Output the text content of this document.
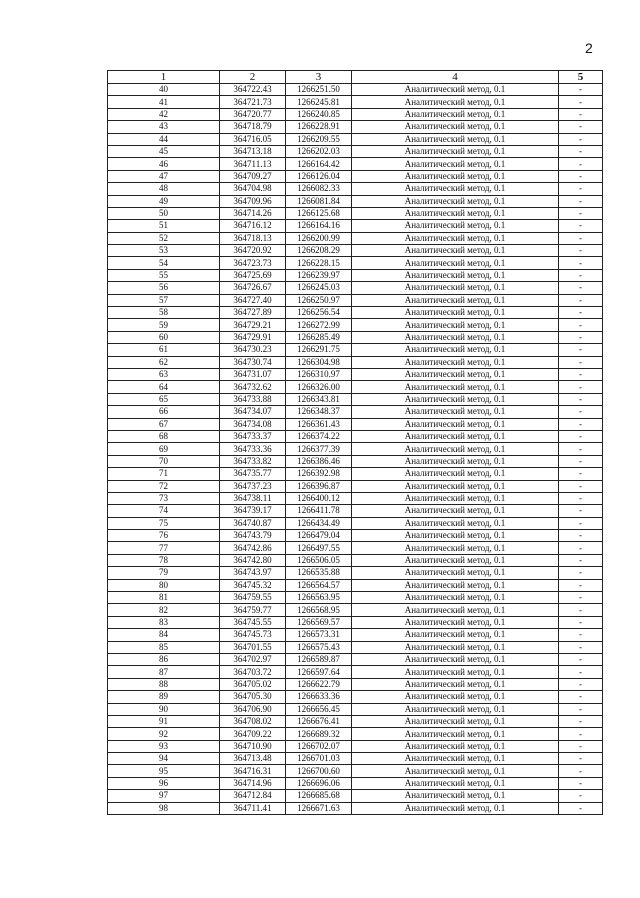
2
1	2	3	4	5
40	364722.43	1266251.50	Аналитический метод, 0.1	-
41	364721.73	1266245.81	Аналитический метод, 0.1	-
42	364720.77	1266240.85	Аналитический метод, 0.1	-
43	364718.79	1266228.91	Аналитический метод, 0.1	-
44	364716.05	1266209.55	Аналитический метод, 0.1	-
45	364713.18	1266202.03	Аналитический метод, 0.1	-
46	364711.13	1266164.42	Аналитический метод, 0.1	-
47	364709.27	1266126.04	Аналитический метод, 0.1	-
48	364704.98	1266082.33	Аналитический метод, 0.1	-
49	364709.96	1266081.84	Аналитический метод, 0.1	-
50	364714.26	1266125.68	Аналитический метод, 0.1	-
51	364716.12	1266164.16	Аналитический метод, 0.1	-
52	364718.13	1266200.99	Аналитический метод, 0.1	-
53	364720.92	1266208.29	Аналитический метод, 0.1	-
54	364723.73	1266228.15	Аналитический метод, 0.1	-
55	364725.69	1266239.97	Аналитический метод, 0.1	-
56	364726.67	1266245.03	Аналитический метод, 0.1	-
57	364727.40	1266250.97	Аналитический метод, 0.1	-
58	364727.89	1266256.54	Аналитический метод, 0.1	-
59	364729.21	1266272.99	Аналитический метод, 0.1	-
60	364729.91	1266285.49	Аналитический метод, 0.1	-
61	364730.23	1266291.75	Аналитический метод, 0.1	-
62	364730.74	1266304.98	Аналитический метод, 0.1	-
63	364731.07	1266310.97	Аналитический метод, 0.1	-
64	364732.62	1266326.00	Аналитический метод, 0.1	-
65	364733.88	1266343.81	Аналитический метод, 0.1	-
66	364734.07	1266348.37	Аналитический метод, 0.1	-
67	364734.08	1266361.43	Аналитический метод, 0.1	-
68	364733.37	1266374.22	Аналитический метод, 0.1	-
69	364733.36	1266377.39	Аналитический метод, 0.1	-
70	364733.82	1266386.46	Аналитический метод, 0.1	-
71	364735.77	1266392.98	Аналитический метод, 0.1	-
72	364737.23	1266396.87	Аналитический метод, 0.1	-
73	364738.11	1266400.12	Аналитический метод, 0.1	-
74	364739.17	1266411.78	Аналитический метод, 0.1	-
75	364740.87	1266434.49	Аналитический метод, 0.1	-
76	364743.79	1266479.04	Аналитический метод, 0.1	-
77	364742.86	1266497.55	Аналитический метод, 0.1	-
78	364742.80	1266506.05	Аналитический метод, 0.1	-
79	364743.97	1266535.88	Аналитический метод, 0.1	-
80	364745.32	1266564.57	Аналитический метод, 0.1	-
81	364759.55	1266563.95	Аналитический метод, 0.1	-
82	364759.77	1266568.95	Аналитический метод, 0.1	-
83	364745.55	1266569.57	Аналитический метод, 0.1	-
84	364745.73	1266573.31	Аналитический метод, 0.1	-
85	364701.55	1266575.43	Аналитический метод, 0.1	-
86	364702.97	1266589.87	Аналитический метод, 0.1	-
87	364703.72	1266597.64	Аналитический метод, 0.1	-
88	364705.02	1266622.79	Аналитический метод, 0.1	-
89	364705.30	1266633.36	Аналитический метод, 0.1	-
90	364706.90	1266656.45	Аналитический метод, 0.1	-
91	364708.02	1266676.41	Аналитический метод, 0.1	-
92	364709.22	1266689.32	Аналитический метод, 0.1	-
93	364710.90	1266702.07	Аналитический метод, 0.1	-
94	364713.48	1266701.03	Аналитический метод, 0.1	-
95	364716.31	1266700.60	Аналитический метод, 0.1	-
96	364714.96	1266696.06	Аналитический метод, 0.1	-
97	364712.84	1266685.68	Аналитический метод, 0.1	-
98	364711.41	1266671.63	Аналитический метод, 0.1	-
